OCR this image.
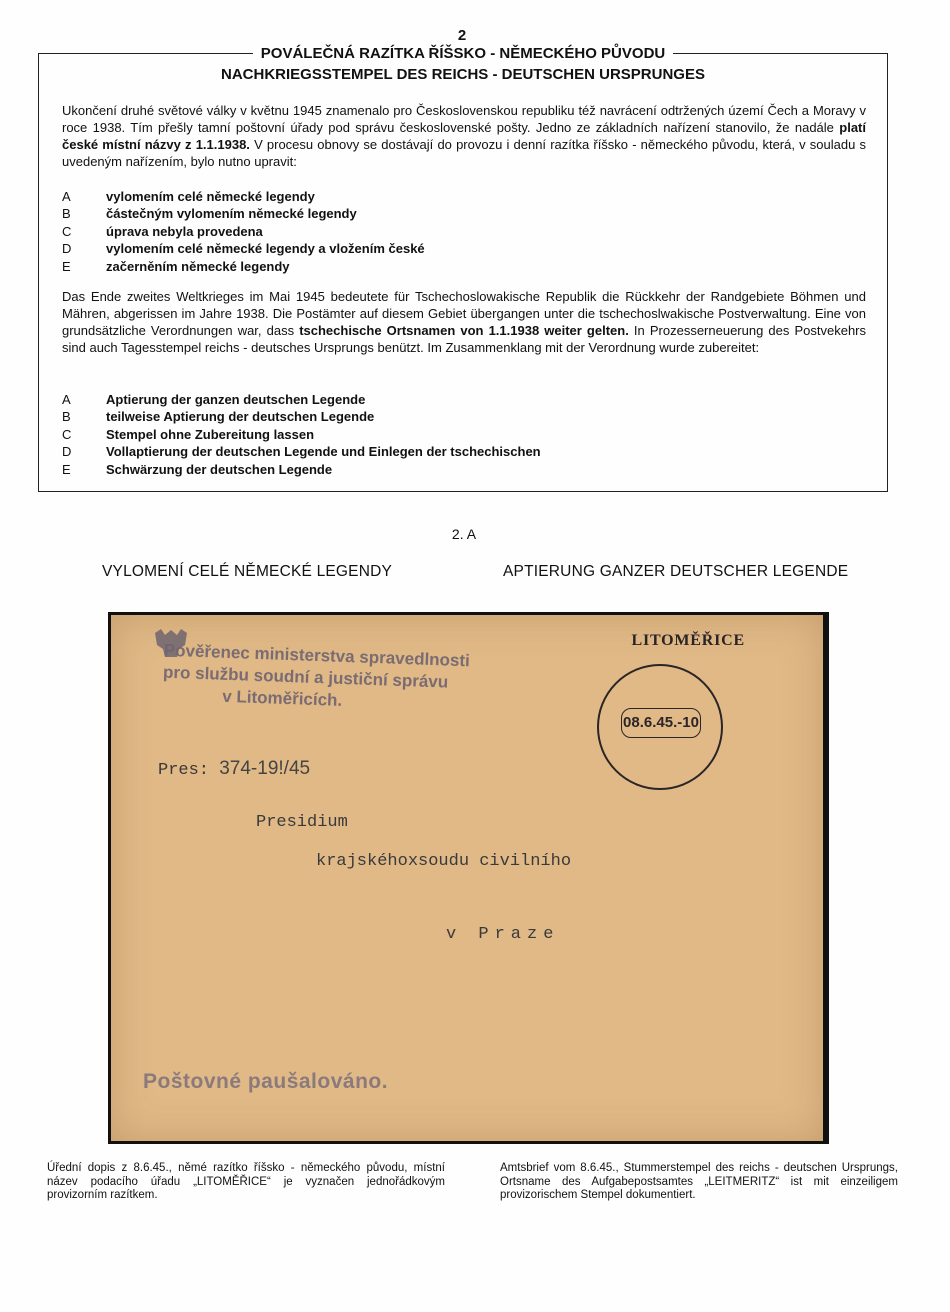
2
POVÁLEČNÁ RAZÍTKA ŘÍŠSKO - NĚMECKÉHO PŮVODU
NACHKRIEGSSTEMPEL DES REICHS - DEUTSCHEN URSPRUNGES
Ukončení druhé světové války v květnu 1945 znamenalo pro Československou republiku též navrácení odtržených území Čech a Moravy v roce 1938. Tím přešly tamní poštovní úřady pod správu československé pošty. Jedno ze základních nařízení stanovilo, že nadále platí české místní názvy z 1.1.1938. V procesu obnovy se dostávají do provozu i denní razítka říšsko - německého původu, která, v souladu s uvedeným nařízením, bylo nutno upravit:
A	vylomením celé německé legendy
B	částečným vylomením německé legendy
C	úprava nebyla provedena
D	vylomením celé německé legendy a vložením české
E	začerněním německé legendy
Das Ende zweites Weltkrieges im Mai 1945 bedeutete für Tschechoslowakische Republik die Rückkehr der Randgebiete Böhmen und Mähren, abgerissen im Jahre 1938. Die Postämter auf diesem Gebiet übergangen unter die tschechoslwakische Postverwaltung. Eine von grundsätzliche Verordnungen war, dass tschechische Ortsnamen von 1.1.1938 weiter gelten. In Prozesserneuerung des Postvekehrs sind auch Tagesstempel reichs - deutsches Ursprungs benützt. Im Zusammenklang mit der Verordnung wurde zubereitet:
A	Aptierung der ganzen deutschen Legende
B	teilweise Aptierung der deutschen Legende
C	Stempel ohne Zubereitung lassen
D	Vollaptierung der deutschen Legende und Einlegen der tschechischen
E	Schwärzung der deutschen Legende
2. A
VYLOMENÍ CELÉ NĚMECKÉ LEGENDY	APTIERUNG GANZER DEUTSCHER LEGENDE
Pověřenec ministerstva spravedlnosti
pro službu soudní a justiční správu
v Litoměřicích.
LITOMĚŘICE
08.6.45.-10
Pres: 374-19!/45
Presidium
krajskéhoxsoudu civilního
v Praze
Poštovné paušalováno.
Úřední dopis z 8.6.45., němé razítko říšsko - německého původu, místní název podacího úřadu „LITOMĚŘICE“ je vyznačen jednořádkovým provizorním razítkem.
Amtsbrief vom 8.6.45., Stummerstempel des reichs - deutschen Ursprungs, Ortsname des Aufgabepostsamtes „LEITMERITZ“ ist mit einzeiligem provizorischem Stempel dokumentiert.
